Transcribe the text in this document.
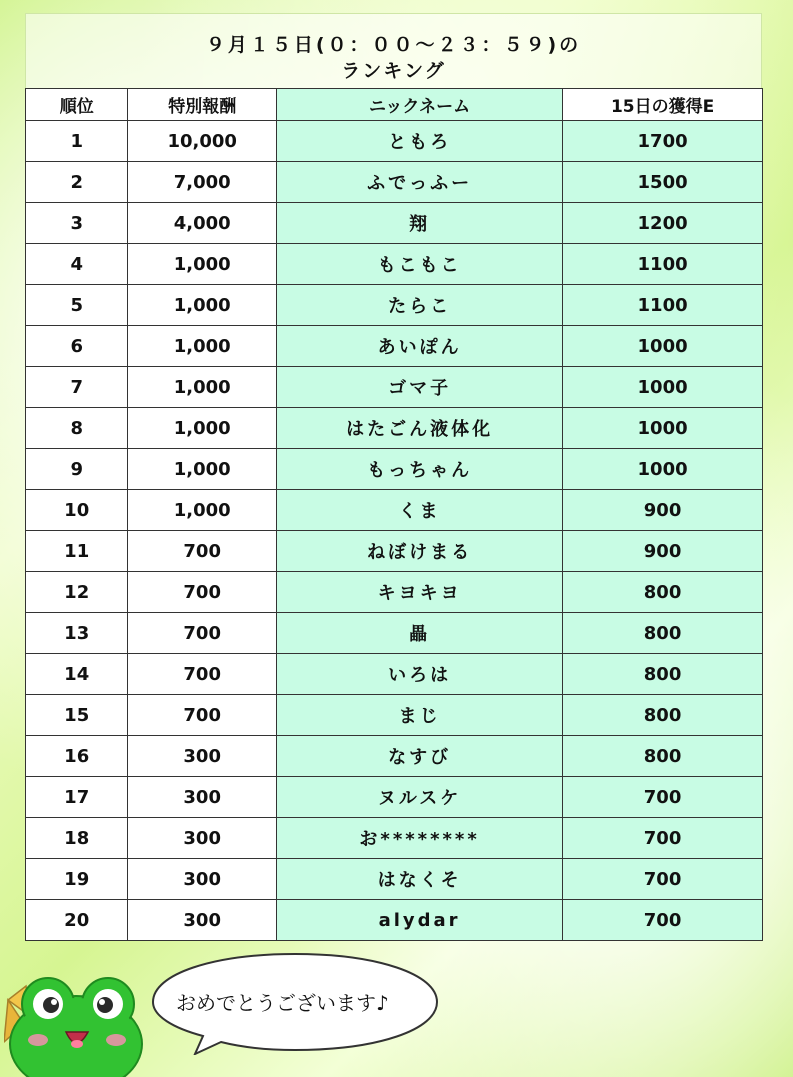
９月１５日(０：００～２３：５９)の
ランキング
順位	特別報酬	ニックネーム	15日の獲得E
1	10,000	ともろ	1700
2	7,000	ふでっふー	1500
3	4,000	翔	1200
4	1,000	もこもこ	1100
5	1,000	たらこ	1100
6	1,000	あいぽん	1000
7	1,000	ゴマ子	1000
8	1,000	はたごん液体化	1000
9	1,000	もっちゃん	1000
10	1,000	くま	900
11	700	ねぼけまる	900
12	700	キヨキヨ	800
13	700	畾	800
14	700	いろは	800
15	700	まじ	800
16	300	なすび	800
17	300	ヌルスケ	700
18	300	お********	700
19	300	はなくそ	700
20	300	alydar	700
おめでとうございます♪
